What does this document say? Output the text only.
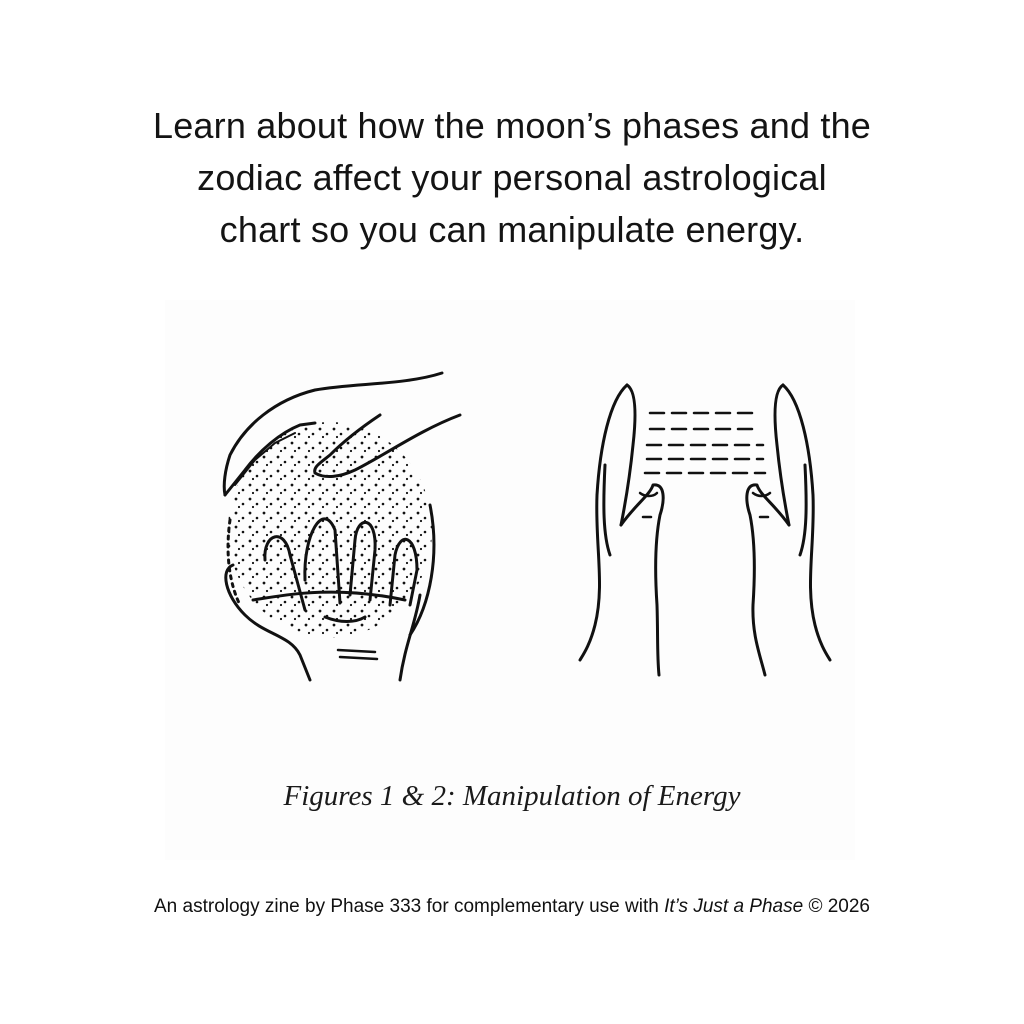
Learn about how the moon’s phases and the
zodiac affect your personal astrological
chart so you can manipulate energy.
Figures 1 & 2: Manipulation of Energy
An astrology zine by Phase 333 for complementary use with It’s Just a Phase © 2026
